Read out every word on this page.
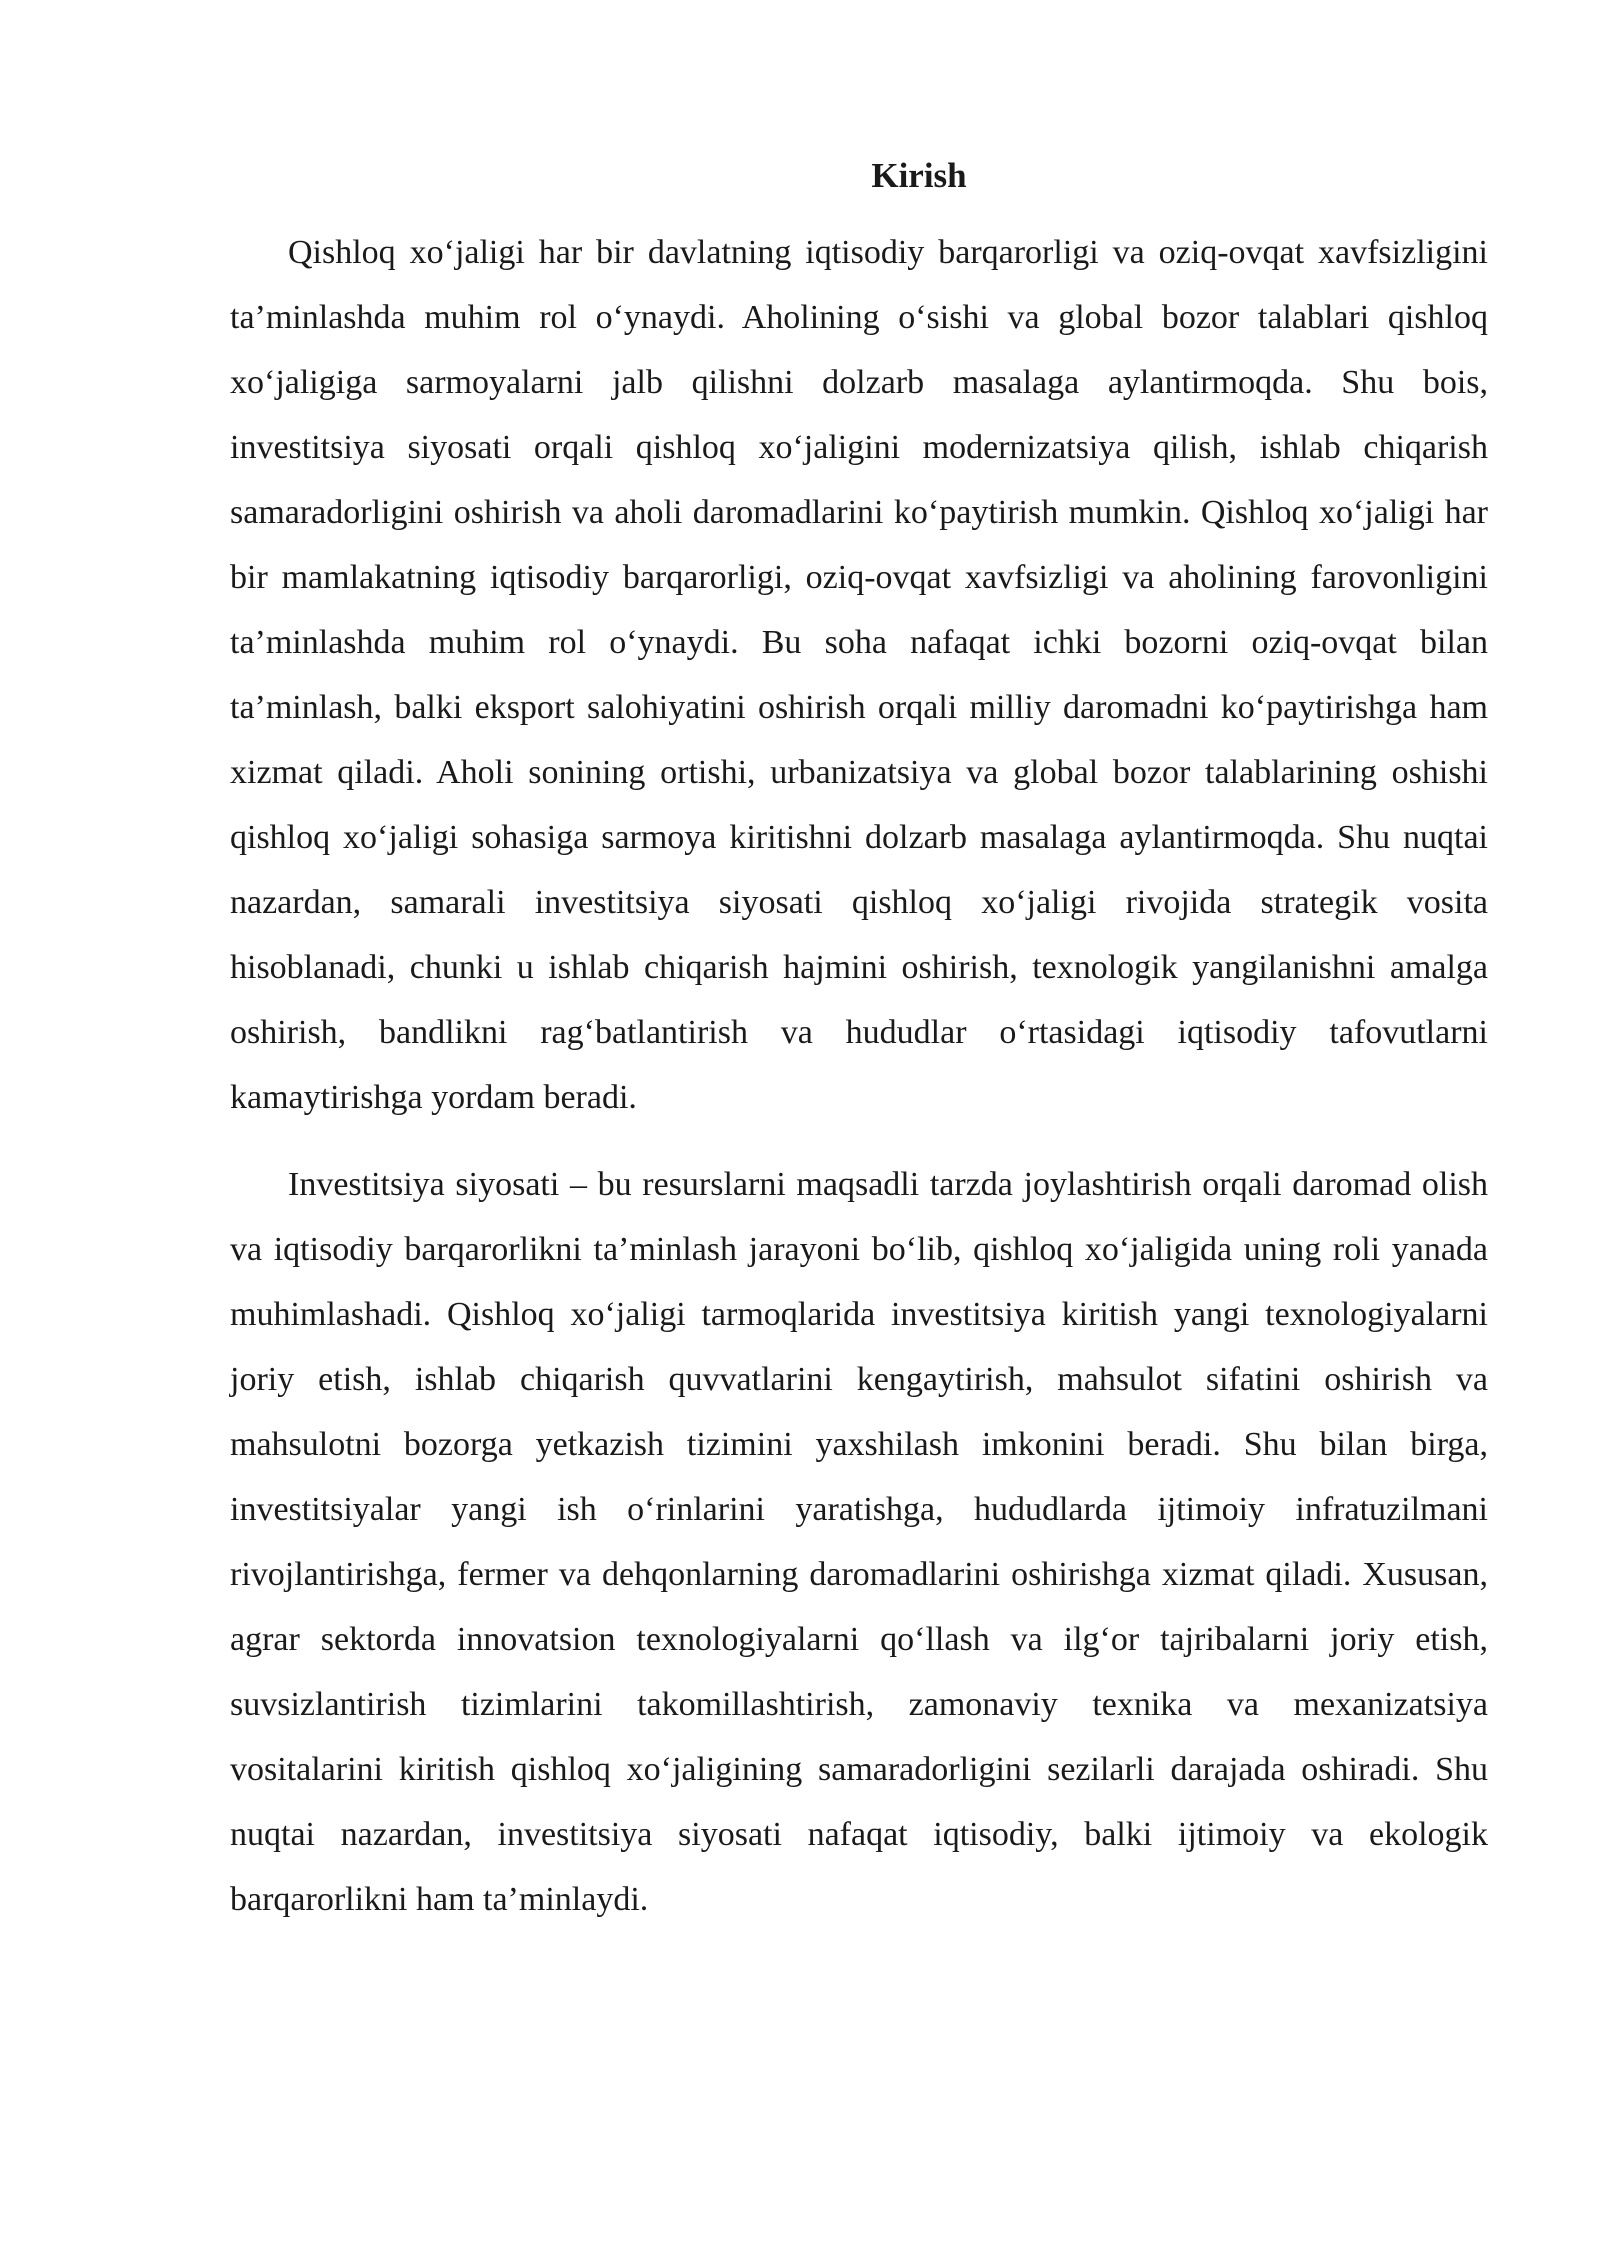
Kirish

Qishloq xo‘jaligi har bir davlatning iqtisodiy barqarorligi va oziq-ovqat xavfsizligini ta’minlashda muhim rol o‘ynaydi. Aholining o‘sishi va global bozor talablari qishloq xo‘jaligiga sarmoyalarni jalb qilishni dolzarb masalaga aylantirmoqda. Shu bois, investitsiya siyosati orqali qishloq xo‘jaligini modernizatsiya qilish, ishlab chiqarish samaradorligini oshirish va aholi daromadlarini ko‘paytirish mumkin. Qishloq xo‘jaligi har bir mamlakatning iqtisodiy barqarorligi, oziq-ovqat xavfsizligi va aholining farovonligini ta’minlashda muhim rol o‘ynaydi. Bu soha nafaqat ichki bozorni oziq-ovqat bilan ta’minlash, balki eksport salohiyatini oshirish orqali milliy daromadni ko‘paytirishga ham xizmat qiladi. Aholi sonining ortishi, urbanizatsiya va global bozor talablarining oshishi qishloq xo‘jaligi sohasiga sarmoya kiritishni dolzarb masalaga aylantirmoqda. Shu nuqtai nazardan, samarali investitsiya siyosati qishloq xo‘jaligi rivojida strategik vosita hisoblanadi, chunki u ishlab chiqarish hajmini oshirish, texnologik yangilanishni amalga oshirish, bandlikni rag‘batlantirish va hududlar o‘rtasidagi iqtisodiy tafovutlarni kamaytirishga yordam beradi.

Investitsiya siyosati – bu resurslarni maqsadli tarzda joylashtirish orqali daromad olish va iqtisodiy barqarorlikni ta’minlash jarayoni bo‘lib, qishloq xo‘jaligida uning roli yanada muhimlashadi. Qishloq xo‘jaligi tarmoqlarida investitsiya kiritish yangi texnologiyalarni joriy etish, ishlab chiqarish quvvatlarini kengaytirish, mahsulot sifatini oshirish va mahsulotni bozorga yetkazish tizimini yaxshilash imkonini beradi. Shu bilan birga, investitsiyalar yangi ish o‘rinlarini yaratishga, hududlarda ijtimoiy infratuzilmani rivojlantirishga, fermer va dehqonlarning daromadlarini oshirishga xizmat qiladi. Xususan, agrar sektorda innovatsion texnologiyalarni qo‘llash va ilg‘or tajribalarni joriy etish, suvsizlantirish tizimlarini takomillashtirish, zamonaviy texnika va mexanizatsiya vositalarini kiritish qishloq xo‘jaligining samaradorligini sezilarli darajada oshiradi. Shu nuqtai nazardan, investitsiya siyosati nafaqat iqtisodiy, balki ijtimoiy va ekologik barqarorlikni ham ta’minlaydi.
